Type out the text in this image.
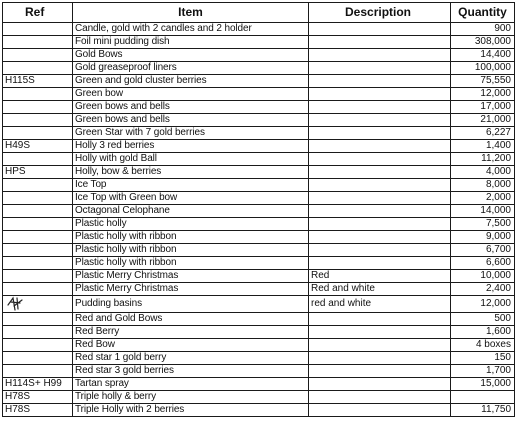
Ref	Item	Description	Quantity
	Candle, gold with 2 candles and 2 holder		900
	Foil mini pudding dish		308,000
	Gold Bows		14,400
	Gold greaseproof liners		100,000
H115S	Green and gold cluster berries		75,550
	Green bow		12,000
	Green bows and bells		17,000
	Green bows and bells		21,000
	Green Star with 7 gold berries		6,227
H49S	Holly 3 red berries		1,400
	Holly with gold Ball		11,200
HPS	Holly, bow & berries		4,000
	Ice Top		8,000
	Ice Top with Green bow		2,000
	Octagonal Celophane		14,000
	Plastic holly		7,500
	Plastic holly with ribbon		9,000
	Plastic holly with ribbon		6,700
	Plastic holly with ribbon		6,600
	Plastic Merry Christmas	Red	10,000
	Plastic Merry Christmas	Red and white	2,400

	Pudding basins	red and white	12,000
	Red and Gold Bows		500
	Red Berry		1,600
	Red Bow		4 boxes
	Red star 1 gold berry		150
	Red star 3 gold berries		1,700
H114S+ H99	Tartan spray		15,000
H78S	Triple holly & berry		
H78S	Triple Holly with 2 berries		11,750
